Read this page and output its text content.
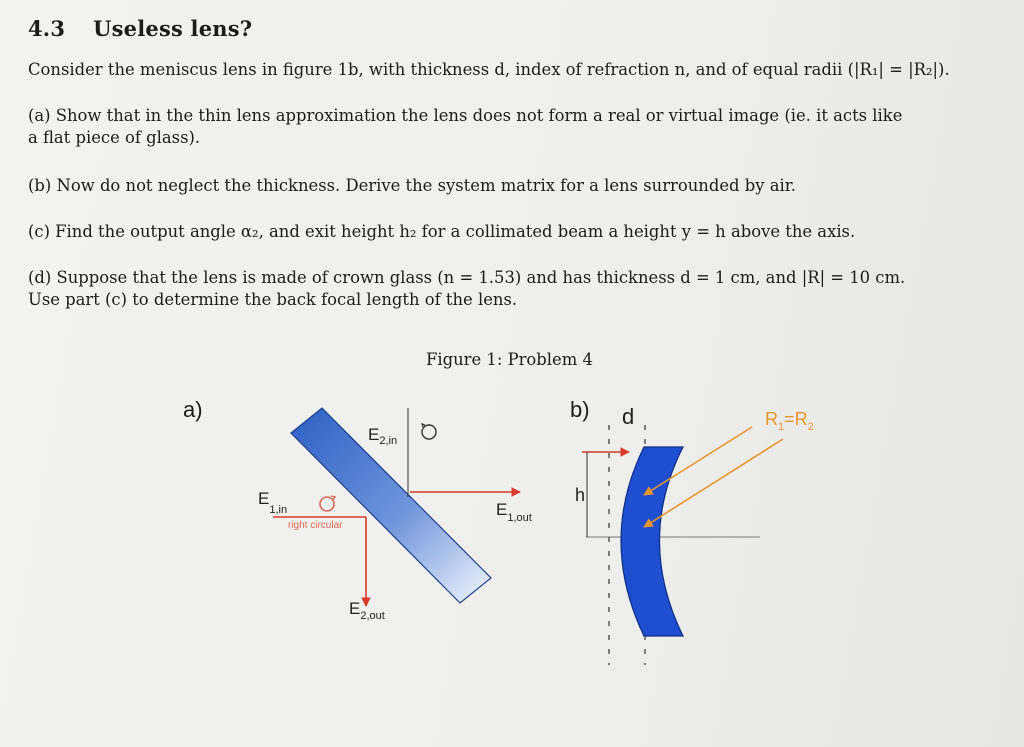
4.3 Useless lens?
Consider the meniscus lens in figure 1b, with thickness d, index of refraction n, and of equal radii (|R₁| = |R₂|).
(a) Show that in the thin lens approximation the lens does not form a real or virtual image (ie. it acts like
a flat piece of glass).
(b) Now do not neglect the thickness. Derive the system matrix for a lens surrounded by air.
(c) Find the output angle α₂, and exit height h₂ for a collimated beam a height y = h above the axis.
(d) Suppose that the lens is made of crown glass (n = 1.53) and has thickness d = 1 cm, and |R| = 10 cm.
Use part (c) to determine the back focal length of the lens.
Figure 1: Problem 4
a)	b)
$E_{2,in}$
$E_{1,in}$
right circular
$E_{1,out}$
$E_{2,out}$
d
h
$R_1=R_2$
